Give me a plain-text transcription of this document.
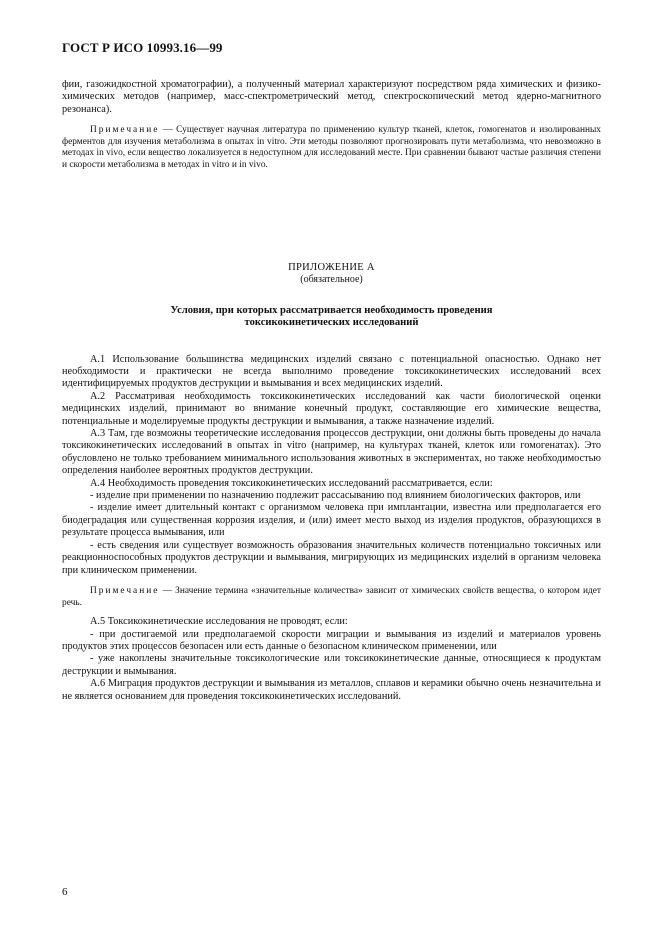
ГОСТ Р ИСО 10993.16—99

фии, газожидкостной хроматографии), а полученный материал характеризуют посредством ряда химических и физико-химических методов (например, масс-спектрометрический метод, спектроскопический метод ядерно-магнитного резонанса).

Примечание — Существует научная литература по применению культур тканей, клеток, гомогенатов и изолированных ферментов для изучения метаболизма в опытах in vitro. Эти методы позволяют прогнозировать пути метаболизма, что невозможно в методах in vivo, если вещество локализуется в недоступном для исследований месте. При сравнении бывают частые различия степени и скорости метаболизма в методах in vitro и in vivo.

ПРИЛОЖЕНИЕ А
(обязательное)
Условия, при которых рассматривается необходимость проведения
токсикокинетических исследований

А.1 Использование большинства медицинских изделий связано с потенциальной опасностью. Однако нет необходимости и практически не всегда выполнимо проведение токсикокинетических исследований всех идентифицируемых продуктов деструкции и вымывания и всех медицинских изделий.

А.2 Рассматривая необходимость токсикокинетических исследований как части биологической оценки медицинских изделий, принимают во внимание конечный продукт, составляющие его химические вещества, потенциальные и моделируемые продукты деструкции и вымывания, а также назначение изделий.

А.3 Там, где возможны теоретические исследования процессов деструкции, они должны быть проведены до начала токсикокинетических исследований в опытах in vitro (например, на культурах тканей, клеток или гомогенатах). Это обусловлено не только требованием минимального использования животных в экспериментах, но также необходимостью определения наиболее вероятных продуктов деструкции.

А.4 Необходимость проведения токсикокинетических исследований рассматривается, если:

- изделие при применении по назначению подлежит рассасыванию под влиянием биологических факторов, или

- изделие имеет длительный контакт с организмом человека при имплантации, известна или предполагается его биодеградация или существенная коррозия изделия, и (или) имеет место выход из изделия продуктов, образующихся в результате процесса вымывания, или

- есть сведения или существует возможность образования значительных количеств потенциально токсичных или реакционноспособных продуктов деструкции и вымывания, мигрирующих из медицинских изделий в организм человека при клиническом применении.

Примечание — Значение термина «значительные количества» зависит от химических свойств вещества, о котором идет речь.

А.5 Токсикокинетические исследования не проводят, если:

- при достигаемой или предполагаемой скорости миграции и вымывания из изделий и материалов уровень продуктов этих процессов безопасен или есть данные о безопасном клиническом применении, или

- уже накоплены значительные токсикологические или токсикокинетические данные, относящиеся к продуктам деструкции и вымывания.

А.6 Миграция продуктов деструкции и вымывания из металлов, сплавов и керамики обычно очень незначительна и не является основанием для проведения токсикокинетических исследований.

6
